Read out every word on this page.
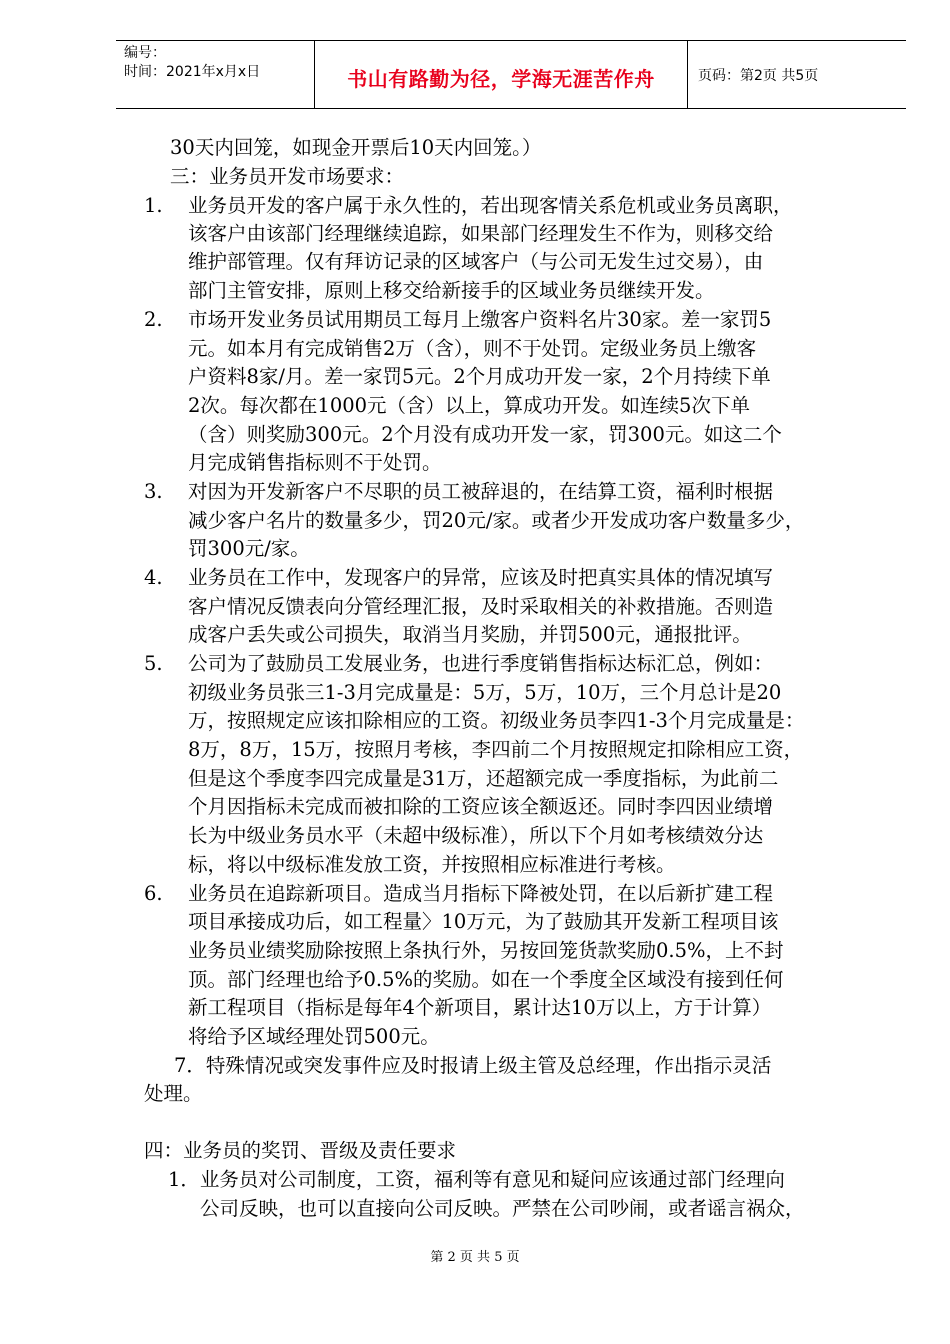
编号：
时间：2021年x月x日	书山有路勤为径，学海无涯苦作舟	页码：第2页 共5页
30天内回笼，如现金开票后10天内回笼。）
三：业务员开发市场要求：
1. 业务员开发的客户属于永久性的，若出现客情关系危机或业务员离职，
该客户由该部门经理继续追踪，如果部门经理发生不作为，则移交给
维护部管理。仅有拜访记录的区域客户（与公司无发生过交易），由
部门主管安排，原则上移交给新接手的区域业务员继续开发。
2. 市场开发业务员试用期员工每月上缴客户资料名片30家。差一家罚5
元。如本月有完成销售2万（含），则不于处罚。定级业务员上缴客
户资料8家/月。差一家罚5元。2个月成功开发一家，2个月持续下单
2次。每次都在1000元（含）以上，算成功开发。如连续5次下单
（含）则奖励300元。2个月没有成功开发一家，罚300元。如这二个
月完成销售指标则不于处罚。
3. 对因为开发新客户不尽职的员工被辞退的，在结算工资，福利时根据
减少客户名片的数量多少，罚20元/家。或者少开发成功客户数量多少，
罚300元/家。
4. 业务员在工作中，发现客户的异常，应该及时把真实具体的情况填写
客户情况反馈表向分管经理汇报，及时采取相关的补救措施。否则造
成客户丢失或公司损失，取消当月奖励，并罚500元，通报批评。
5. 公司为了鼓励员工发展业务，也进行季度销售指标达标汇总，例如：
初级业务员张三1-3月完成量是：5万，5万，10万，三个月总计是20
万，按照规定应该扣除相应的工资。初级业务员李四1-3个月完成量是：
8万，8万，15万，按照月考核，李四前二个月按照规定扣除相应工资，
但是这个季度李四完成量是31万，还超额完成一季度指标，为此前二
个月因指标未完成而被扣除的工资应该全额返还。同时李四因业绩增
长为中级业务员水平（未超中级标准），所以下个月如考核绩效分达
标，将以中级标准发放工资，并按照相应标准进行考核。
6. 业务员在追踪新项目。造成当月指标下降被处罚，在以后新扩建工程
项目承接成功后，如工程量〉10万元，为了鼓励其开发新工程项目该
业务员业绩奖励除按照上条执行外，另按回笼货款奖励0.5%，上不封
顶。部门经理也给予0.5%的奖励。如在一个季度全区域没有接到任何
新工程项目（指标是每年4个新项目，累计达10万以上，方于计算）
将给予区域经理处罚500元。
7．特殊情况或突发事件应及时报请上级主管及总经理，作出指示灵活
处理。
四：业务员的奖罚、晋级及责任要求
1．业务员对公司制度，工资，福利等有意见和疑问应该通过部门经理向
公司反映，也可以直接向公司反映。严禁在公司吵闹，或者谣言祸众，
第 2 页 共 5 页
